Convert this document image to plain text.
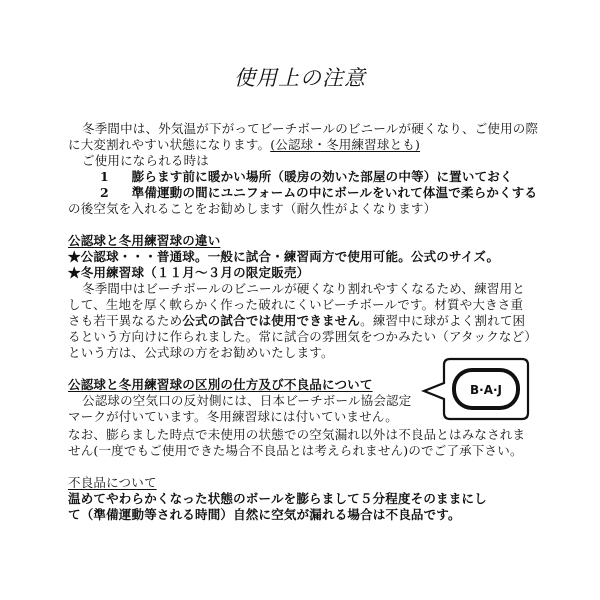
使用上の注意
冬季間中は、外気温が下がってビーチボールのビニールが硬くなり、ご使用の際
に大変割れやすい状態になります。(公認球・冬用練習球とも)
ご使用になられる時は
1 膨らます前に暖かい場所（暖房の効いた部屋の中等）に置いておく
2 準備運動の間にユニフォームの中にボールをいれて体温で柔らかくする
の後空気を入れることをお勧めします（耐久性がよくなります）
公認球と冬用練習球の違い
★公認球・・・普通球。一般に試合・練習両方で使用可能。公式のサイズ。
★冬用練習球（１１月～３月の限定販売）
冬季間中はビーチボールのビニールが硬くなり割れやすくなるため、練習用と
して、生地を厚く軟らかく作った破れにくいビーチボールです。材質や大きさ重
さも若干異なるため公式の試合では使用できません。練習中に球がよく割れて困
るという方向けに作られました。常に試合の雰囲気をつかみたい（アタックなど）
という方は、公式球の方をお勧めいたします。
公認球と冬用練習球の区別の仕方及び不良品について
公認球の空気口の反対側には、日本ビーチボール協会認定
マークが付いています。冬用練習球には付いていません。
なお、膨らました時点で未使用の状態での空気漏れ以外は不良品とはみなされま
せん(一度でもご使用できた場合不良品とは考えられません)のでご了承下さい。
B·A·J
不良品について
温めてやわらかくなった状態のボールを膨らまして５分程度そのままにし
て（準備運動等される時間）自然に空気が漏れる場合は不良品です。
